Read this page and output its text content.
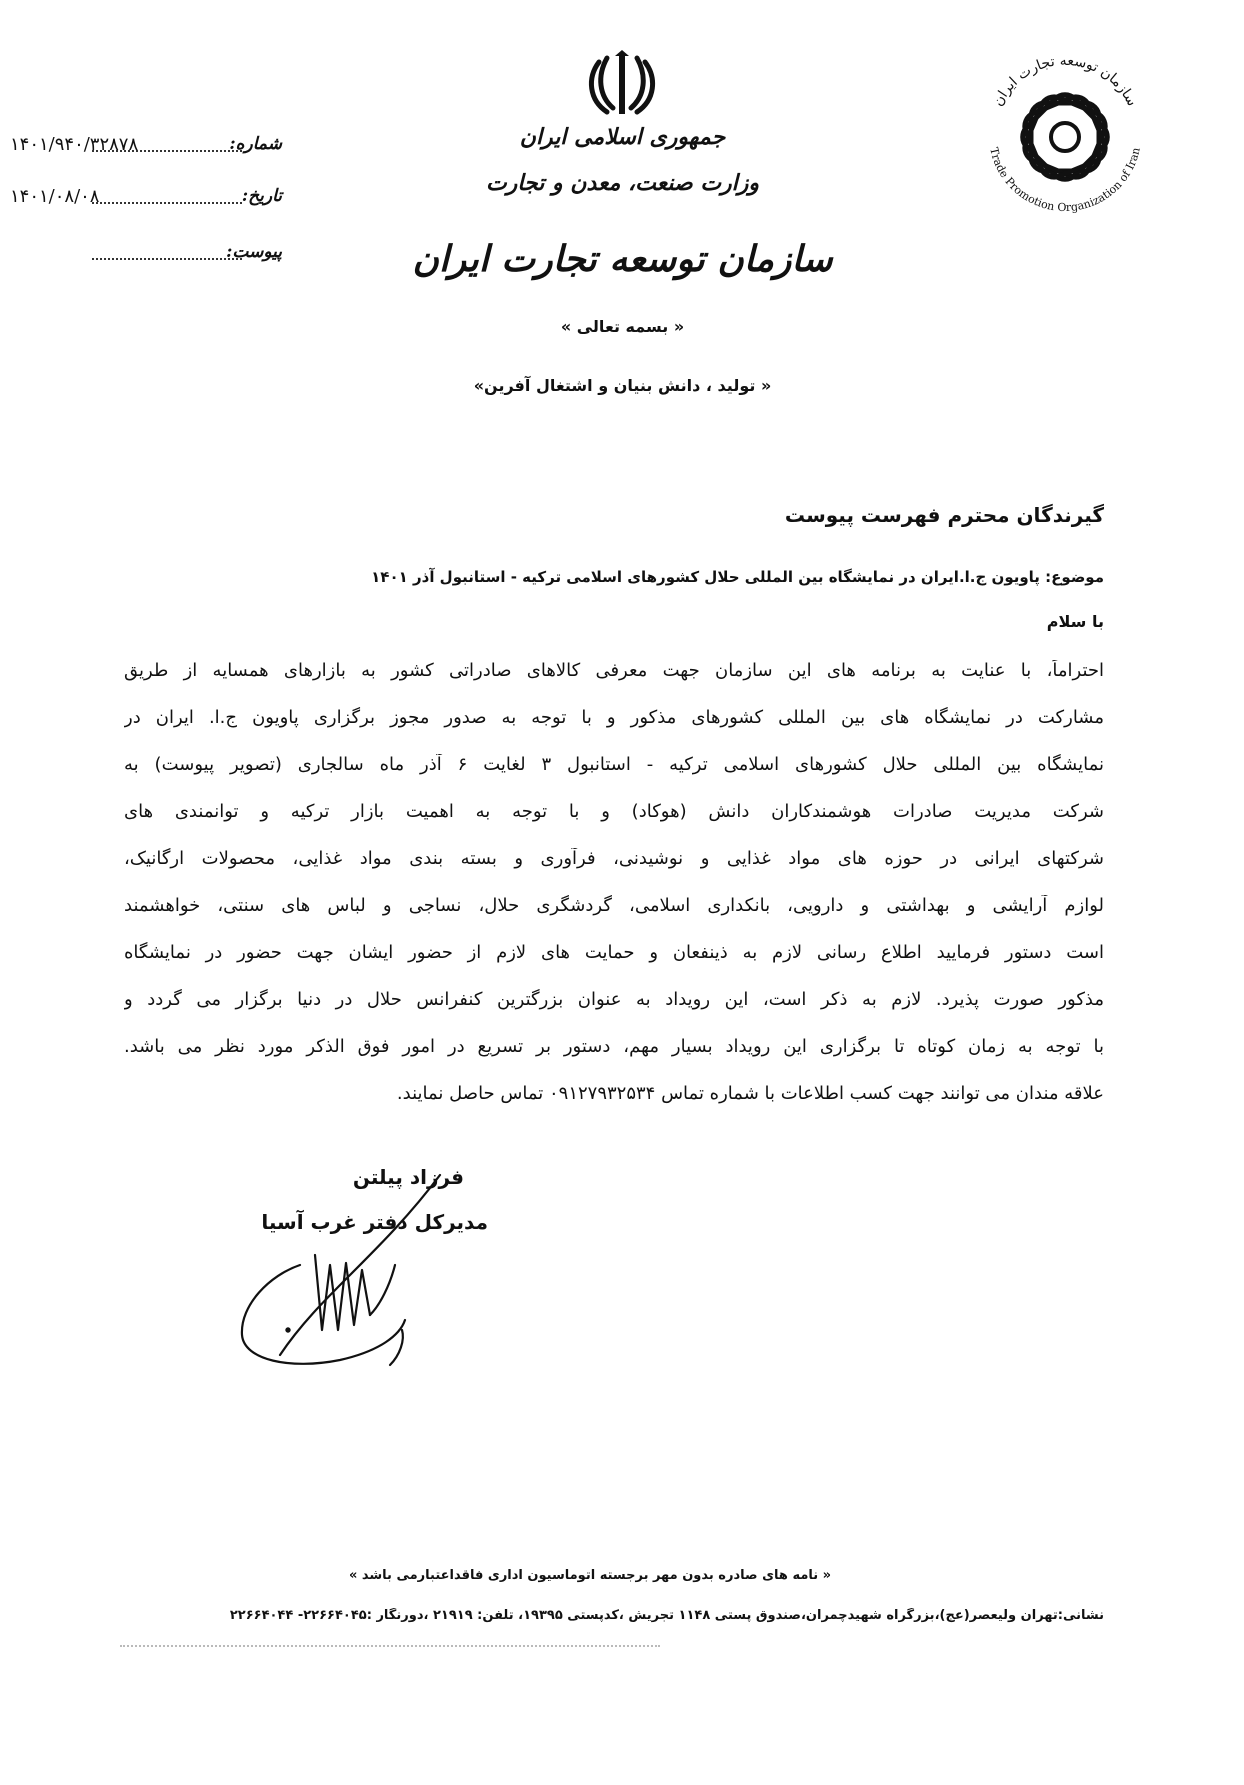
شماره:
۱۴۰۱/۹۴۰/۳۲۸۷۸
تاریخ:
۱۴۰۱/۰۸/۰۸
پیوست:
جمهوری اسلامی ایران
وزارت صنعت، معدن و تجارت
سازمان توسعه تجارت ایران
« بسمه تعالی »
« تولید ، دانش بنیان و اشتغال آفرین»
سازمان توسعه تجارت ایران
Trade Promotion Organization of Iran
گیرندگان محترم فهرست پیوست
موضوع: پاویون ج.ا.ایران در نمایشگاه بین المللی حلال کشورهای اسلامی ترکیه - استانبول آذر ۱۴۰۱
با سلام
احتراماً، با عنایت به برنامه های این سازمان جهت معرفی کالاهای صادراتی کشور به بازارهای همسایه از طریق
مشارکت در نمایشگاه های بین المللی کشورهای مذکور و با توجه به صدور مجوز برگزاری پاویون ج.ا. ایران در
نمایشگاه بین المللی حلال کشورهای اسلامی ترکیه - استانبول ۳ لغایت ۶ آذر ماه سالجاری (تصویر پیوست) به
شرکت مدیریت صادرات هوشمندکاران دانش (هوکاد) و با توجه به اهمیت بازار ترکیه و توانمندی های
شرکتهای ایرانی در حوزه های مواد غذایی و نوشیدنی، فرآوری و بسته بندی مواد غذایی، محصولات ارگانیک،
لوازم آرایشی و بهداشتی و دارویی، بانکداری اسلامی، گردشگری حلال، نساجی و لباس های سنتی، خواهشمند
است دستور فرمایید اطلاع رسانی لازم به ذینفعان و حمایت های لازم از حضور ایشان جهت حضور در نمایشگاه
مذکور صورت پذیرد. لازم به ذکر است، این رویداد به عنوان بزرگترین کنفرانس حلال در دنیا برگزار می گردد و
با توجه به زمان کوتاه تا برگزاری این رویداد بسیار مهم، دستور بر تسریع در امور فوق الذکر مورد نظر می باشد.
علاقه مندان می توانند جهت کسب اطلاعات با شماره تماس ۰۹۱۲۷۹۳۲۵۳۴ تماس حاصل نمایند.
فرزاد پیلتن
مدیرکل دفتر غرب آسیا
« نامه های صادره بدون مهر برجسته اتوماسیون اداری فاقداعتبارمی باشد »
نشانی:تهران ولیعصر(عج)،بزرگراه شهیدچمران،صندوق پستی ۱۱۴۸ تجریش ،کدپستی ۱۹۳۹۵، تلفن: ۲۱۹۱۹ ،دورنگار :۲۲۶۶۴۰۴۵- ۲۲۶۶۴۰۴۴
